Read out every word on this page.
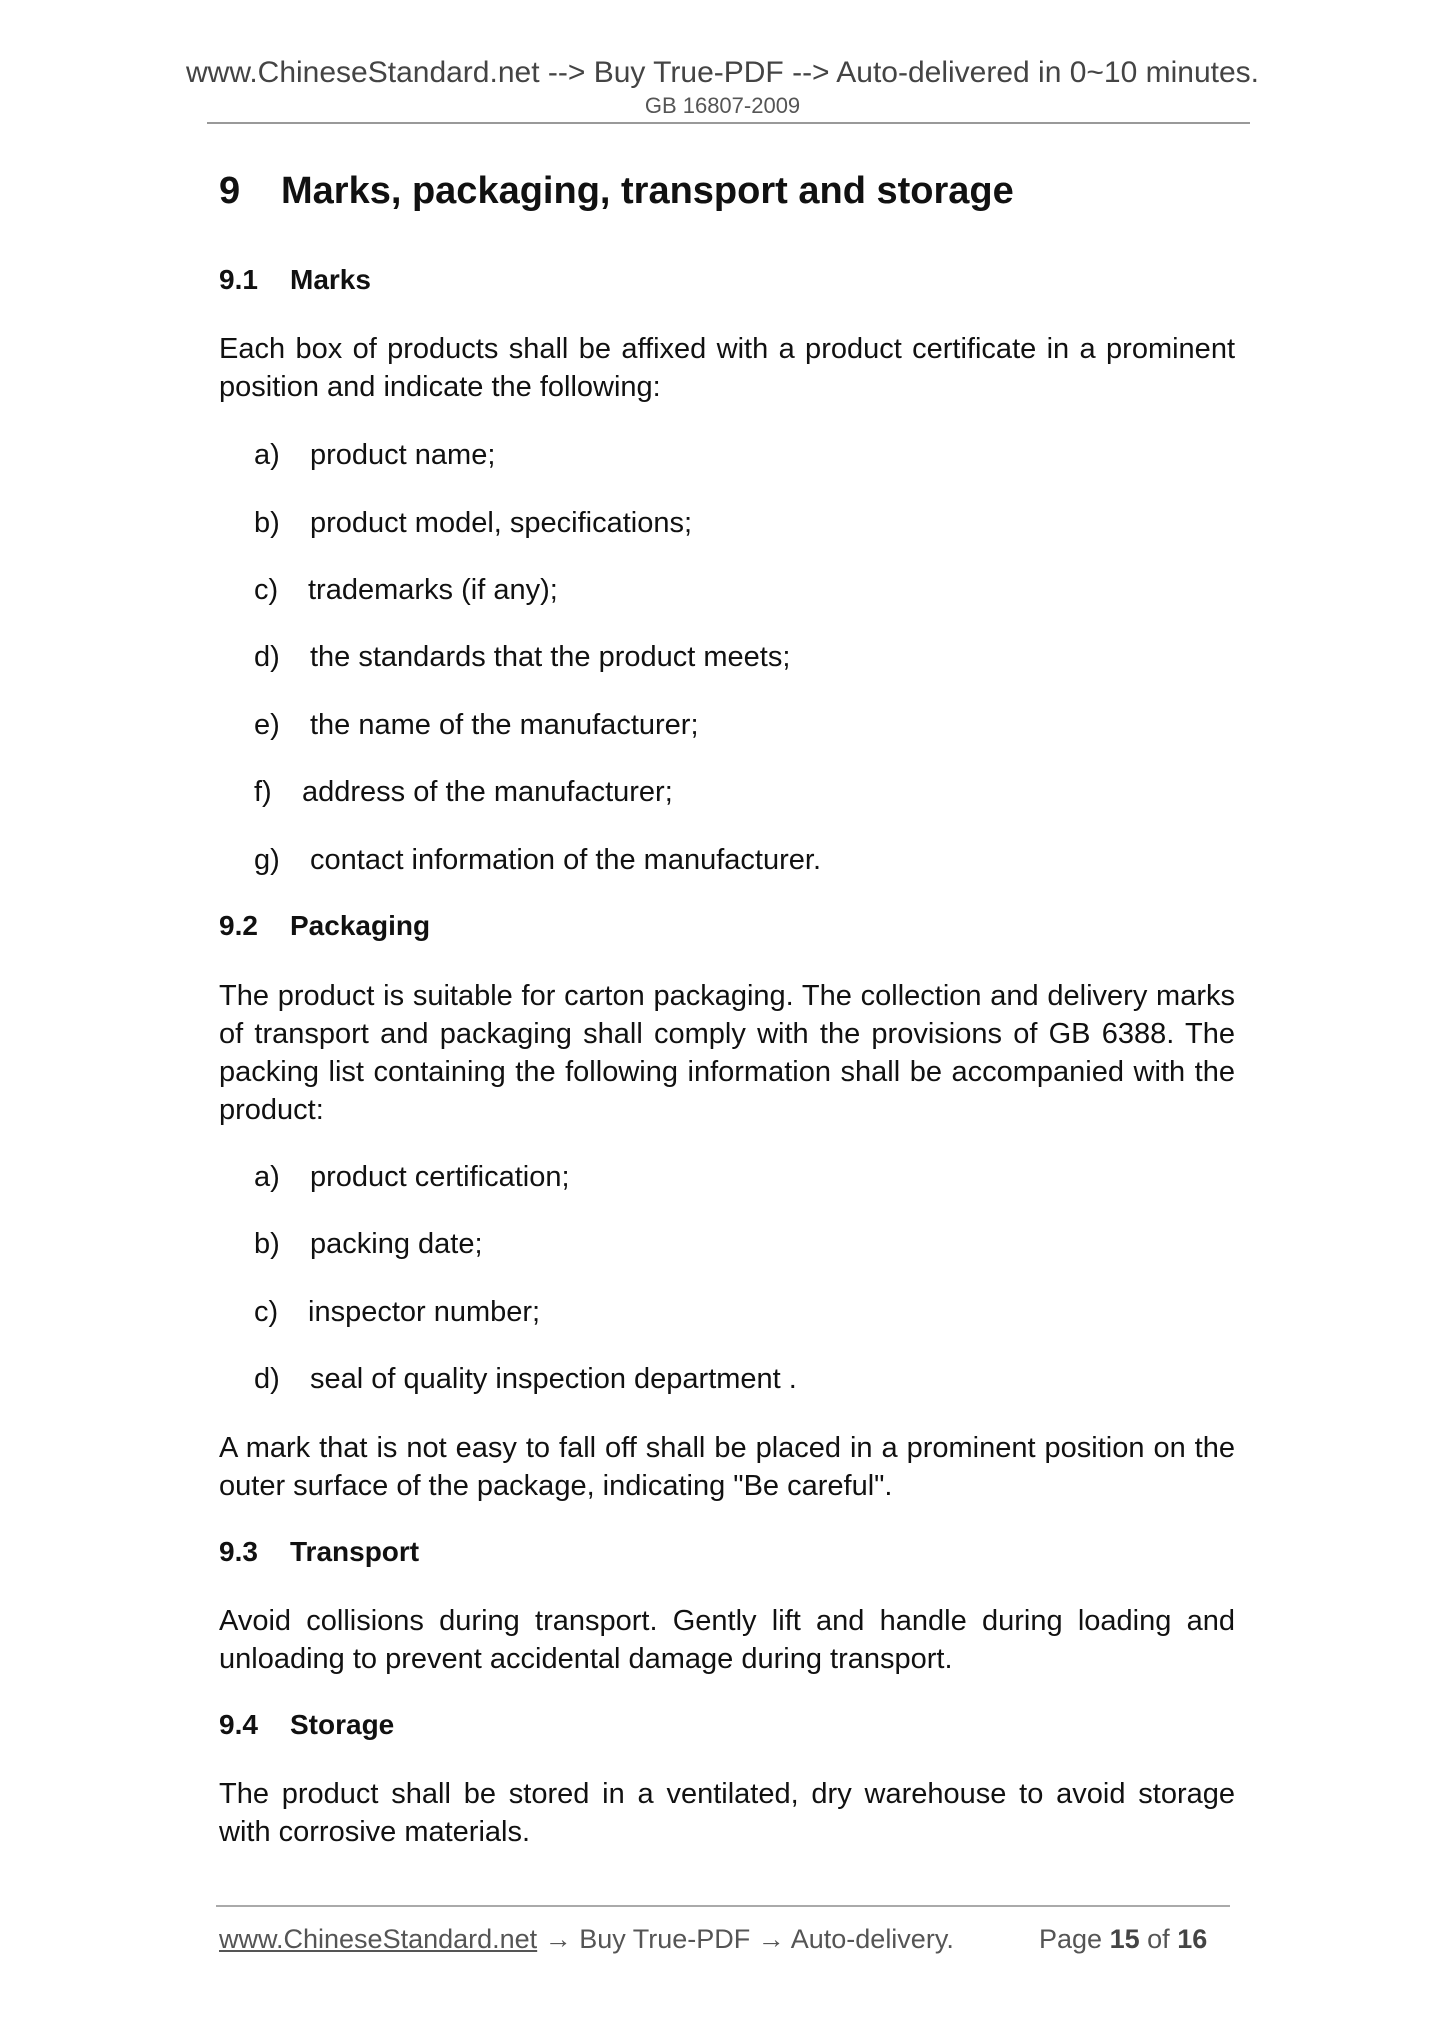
www.ChineseStandard.net --> Buy True-PDF --> Auto-delivered in 0~10 minutes.
GB 16807-2009
9 Marks, packaging, transport and storage
9.1 Marks
Each box of products shall be affixed with a product certificate in a prominent position and indicate the following:
a) product name;
b) product model, specifications;
c) trademarks (if any);
d) the standards that the product meets;
e) the name of the manufacturer;
f) address of the manufacturer;
g) contact information of the manufacturer.
9.2 Packaging
The product is suitable for carton packaging. The collection and delivery marks of transport and packaging shall comply with the provisions of GB 6388. The packing list containing the following information shall be accompanied with the product:
a) product certification;
b) packing date;
c) inspector number;
d) seal of quality inspection department .
A mark that is not easy to fall off shall be placed in a prominent position on the outer surface of the package, indicating "Be careful".
9.3 Transport
Avoid collisions during transport. Gently lift and handle during loading and unloading to prevent accidental damage during transport.
9.4 Storage
The product shall be stored in a ventilated, dry warehouse to avoid storage with corrosive materials.
www.ChineseStandard.net → Buy True-PDF → Auto-delivery.	Page 15 of 16
